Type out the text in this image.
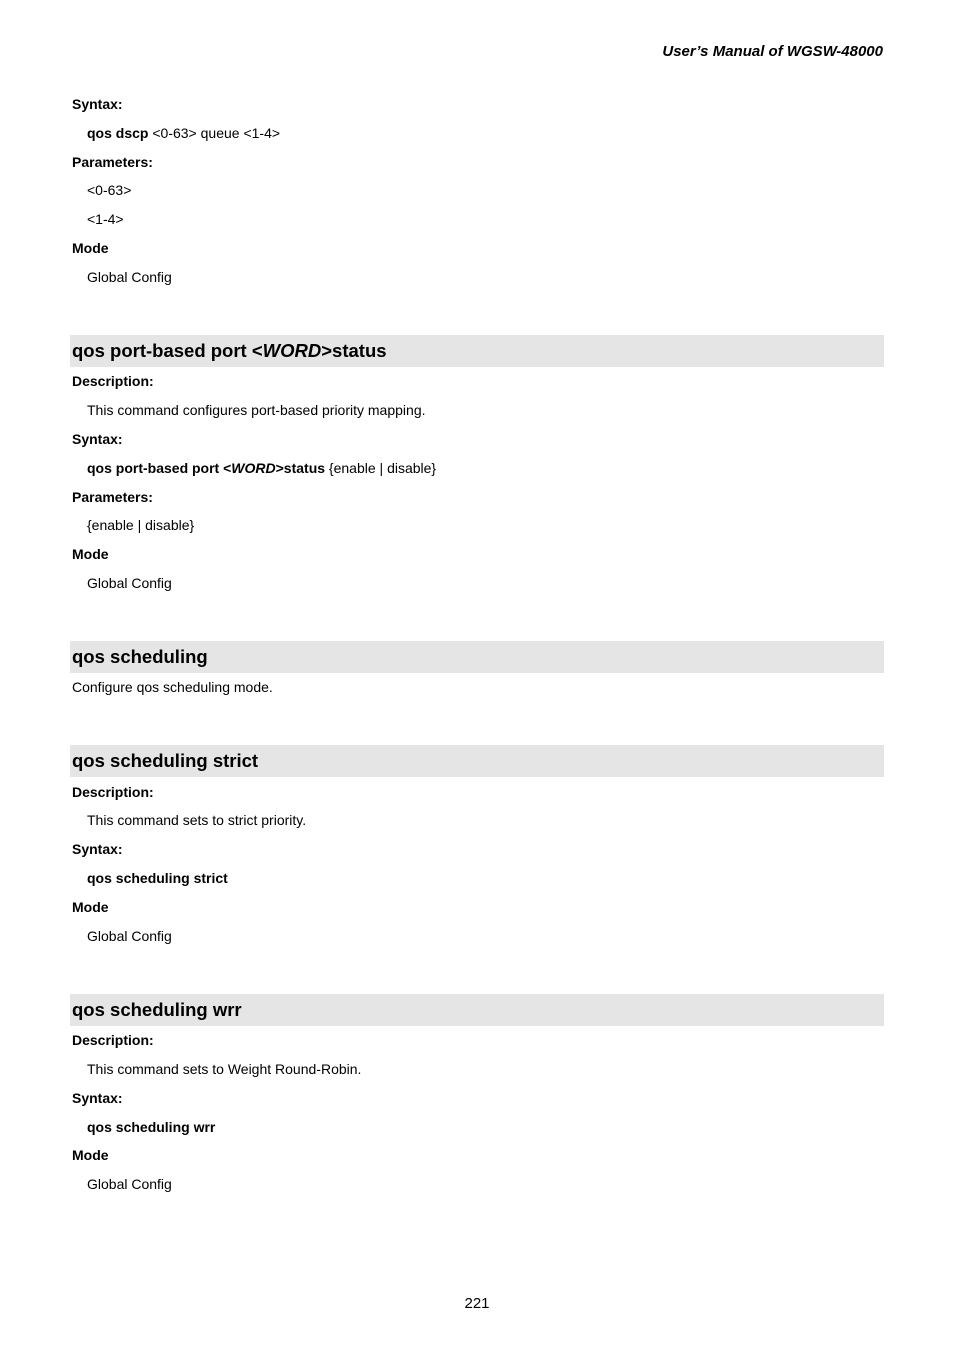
User’s Manual of WGSW-48000
Syntax:
qos dscp <0-63> queue <1-4>
Parameters:
<0-63>
<1-4>
Mode
Global Config
qos port-based port <WORD>status
Description:
This command configures port-based priority mapping.
Syntax:
qos port-based port <WORD>status {enable | disable}
Parameters:
{enable | disable}
Mode
Global Config
qos scheduling
Configure qos scheduling mode.
qos scheduling strict
Description:
This command sets to strict priority.
Syntax:
qos scheduling strict
Mode
Global Config
qos scheduling wrr
Description:
This command sets to Weight Round-Robin.
Syntax:
qos scheduling wrr
Mode
Global Config
221
